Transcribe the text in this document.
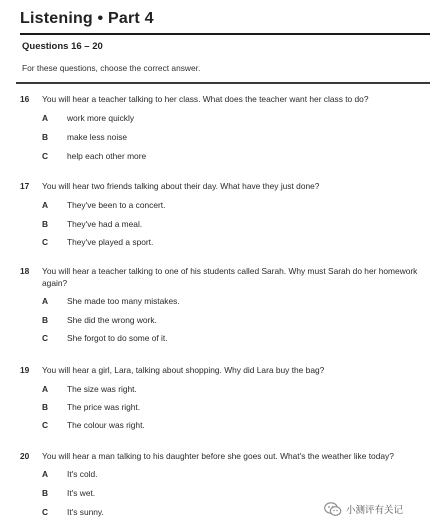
Listening • Part 4
Questions 16 – 20
For these questions, choose the correct answer.
16	You will hear a teacher talking to her class. What does the teacher want her class to do?
A work more quickly
B make less noise
C help each other more
17	You will hear two friends talking about their day. What have they just done?
A They've been to a concert.
B They've had a meal.
C They've played a sport.
18	You will hear a teacher talking to one of his students called Sarah. Why must Sarah do her homework again?
A She made too many mistakes.
B She did the wrong work.
C She forgot to do some of it.
19	You will hear a girl, Lara, talking about shopping. Why did Lara buy the bag?
A The size was right.
B The price was right.
C The colour was right.
20	You will hear a man talking to his daughter before she goes out. What's the weather like today?
A It's cold.
B It's wet.
C It's sunny.	小测评有关记
